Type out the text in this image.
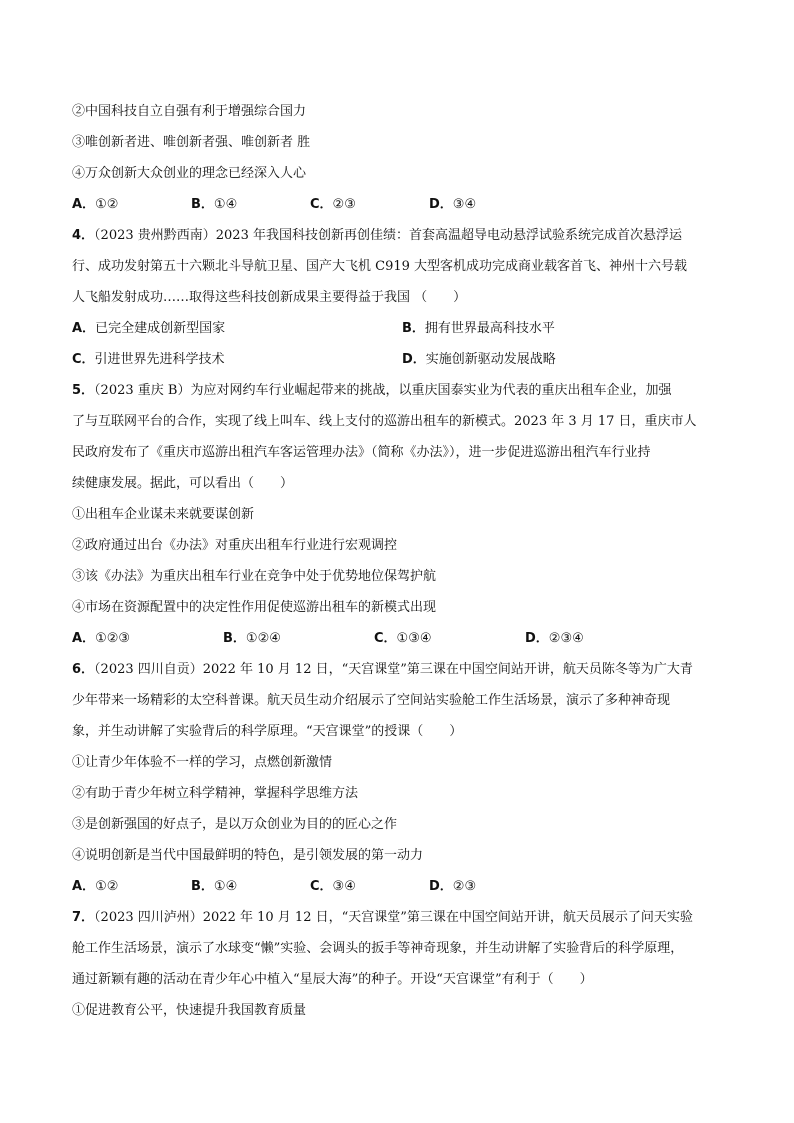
②中国科技自立自强有利于增强综合国力
③唯创新者进、唯创新者强、唯创新者 胜
④万众创新大众创业的理念已经深入人心
A．①②	B．①④	C．②③	D．③④
4．（2023 贵州黔西南）2023 年我国科技创新再创佳绩：首套高温超导电动悬浮试验系统完成首次悬浮运
行、成功发射第五十六颗北斗导航卫星、国产大飞机 C919 大型客机成功完成商业载客首飞、神州十六号载
人飞船发射成功……取得这些科技创新成果主要得益于我国 （　　）
A．已完全建成创新型国家	B．拥有世界最高科技水平
C．引进世界先进科学技术	D．实施创新驱动发展战略
5．（2023 重庆 B）为应对网约车行业崛起带来的挑战，以重庆国泰实业为代表的重庆出租车企业，加强
了与互联网平台的合作，实现了线上叫车、线上支付的巡游出租车的新模式。2023 年 3 月 17 日，重庆市人
民政府发布了《重庆市巡游出租汽车客运管理办法》（简称《办法》），进一步促进巡游出租汽车行业持
续健康发展。据此，可以看出（　　）
①出租车企业谋未来就要谋创新
②政府通过出台《办法》对重庆出租车行业进行宏观调控
③该《办法》为重庆出租车行业在竞争中处于优势地位保驾护航
④市场在资源配置中的决定性作用促使巡游出租车的新模式出现
A．①②③	B．①②④	C．①③④	D．②③④
6．（2023 四川自贡）2022 年 10 月 12 日，“天宫课堂”第三课在中国空间站开讲，航天员陈冬等为广大青
少年带来一场精彩的太空科普课。航天员生动介绍展示了空间站实验舱工作生活场景，演示了多种神奇现
象，并生动讲解了实验背后的科学原理。“天宫课堂”的授课（　　）
①让青少年体验不一样的学习，点燃创新激情
②有助于青少年树立科学精神，掌握科学思维方法
③是创新强国的好点子，是以万众创业为目的的匠心之作
④说明创新是当代中国最鲜明的特色，是引领发展的第一动力
A．①②	B．①④	C．③④	D．②③
7．（2023 四川泸州）2022 年 10 月 12 日，“天宫课堂”第三课在中国空间站开讲，航天员展示了问天实验
舱工作生活场景，演示了水球变“懒”实验、会调头的扳手等神奇现象，并生动讲解了实验背后的科学原理，
通过新颖有趣的活动在青少年心中植入“星辰大海”的种子。开设“天宫课堂”有利于（　　）
①促进教育公平，快速提升我国教育质量
